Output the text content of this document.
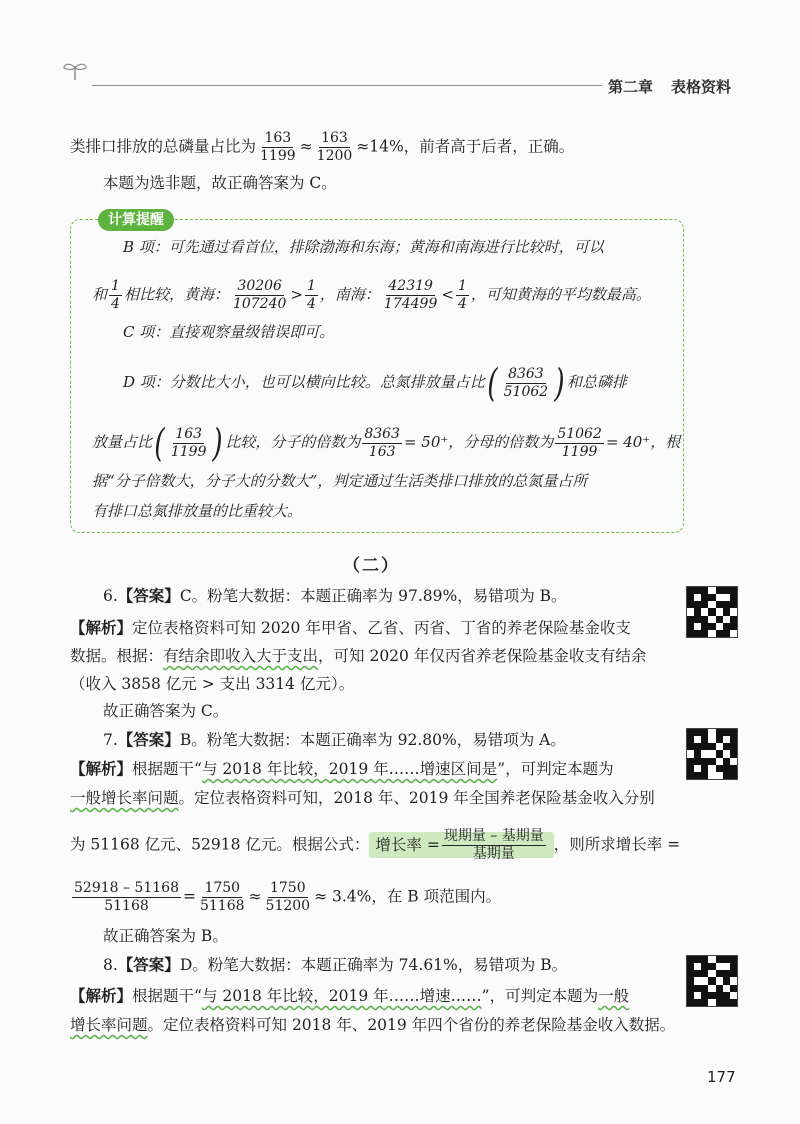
第二章 表格资料
类排口排放的总磷量占比为 $\frac{163}{1199} \approx \frac{163}{1200} \approx 14\%$，前者高于后者，正确。
本题为选非题，故正确答案为 C。
计算提醒
B 项：可先通过看首位，排除渤海和东海；黄海和南海进行比较时，可以
和 $\frac{1}{4}$ 相比较，黄海： $\frac{30206}{107240} > \frac{1}{4}$ ，南海： $\frac{42319}{174499} < \frac{1}{4}$ ，可知黄海的平均数最高。
C 项：直接观察量级错误即可。
D 项：分数比大小，也可以横向比较。总氮排放量占比( $\frac{8363}{51062}$ ) 和总磷排
放量占比( $\frac{163}{1199}$ ) 比较，分子的倍数为 $\frac{8363}{163} = 50^+$，分母的倍数为 $\frac{51062}{1199} = 40^+$，根
据“分子倍数大，分子大的分数大”，判定通过生活类排口排放的总氮量占所
有排口总氮排放量的比重较大。
（二）
6.【答案】C。粉笔大数据：本题正确率为 97.89%，易错项为 B。
【解析】定位表格资料可知 2020 年甲省、乙省、丙省、丁省的养老保险基金收支
数据。根据：有结余即收入大于支出，可知 2020 年仅丙省养老保险基金收支有结余
（收入 3858 亿元 > 支出 3314 亿元）。
故正确答案为 C。
7.【答案】B。粉笔大数据：本题正确率为 92.80%，易错项为 A。
【解析】根据题干“与 2018 年比较，2019 年……增速区间是”，可判定本题为
一般增长率问题。定位表格资料可知，2018 年、2019 年全国养老保险基金收入分别
为 51168 亿元、52918 亿元。根据公式： 增长率 = $\frac{\text{现期量 – 基期量}}{\text{基期量}}$ ，则所求增长率 =
$\frac{52918 - 51168}{51168} = \frac{1750}{51168} \approx \frac{1750}{51200} \approx 3.4\%$，在 B 项范围内。
故正确答案为 B。
8.【答案】D。粉笔大数据：本题正确率为 74.61%，易错项为 B。
【解析】根据题干“与 2018 年比较，2019 年……增速……”，可判定本题为一般
增长率问题。定位表格资料可知 2018 年、2019 年四个省份的养老保险基金收入数据。
177
